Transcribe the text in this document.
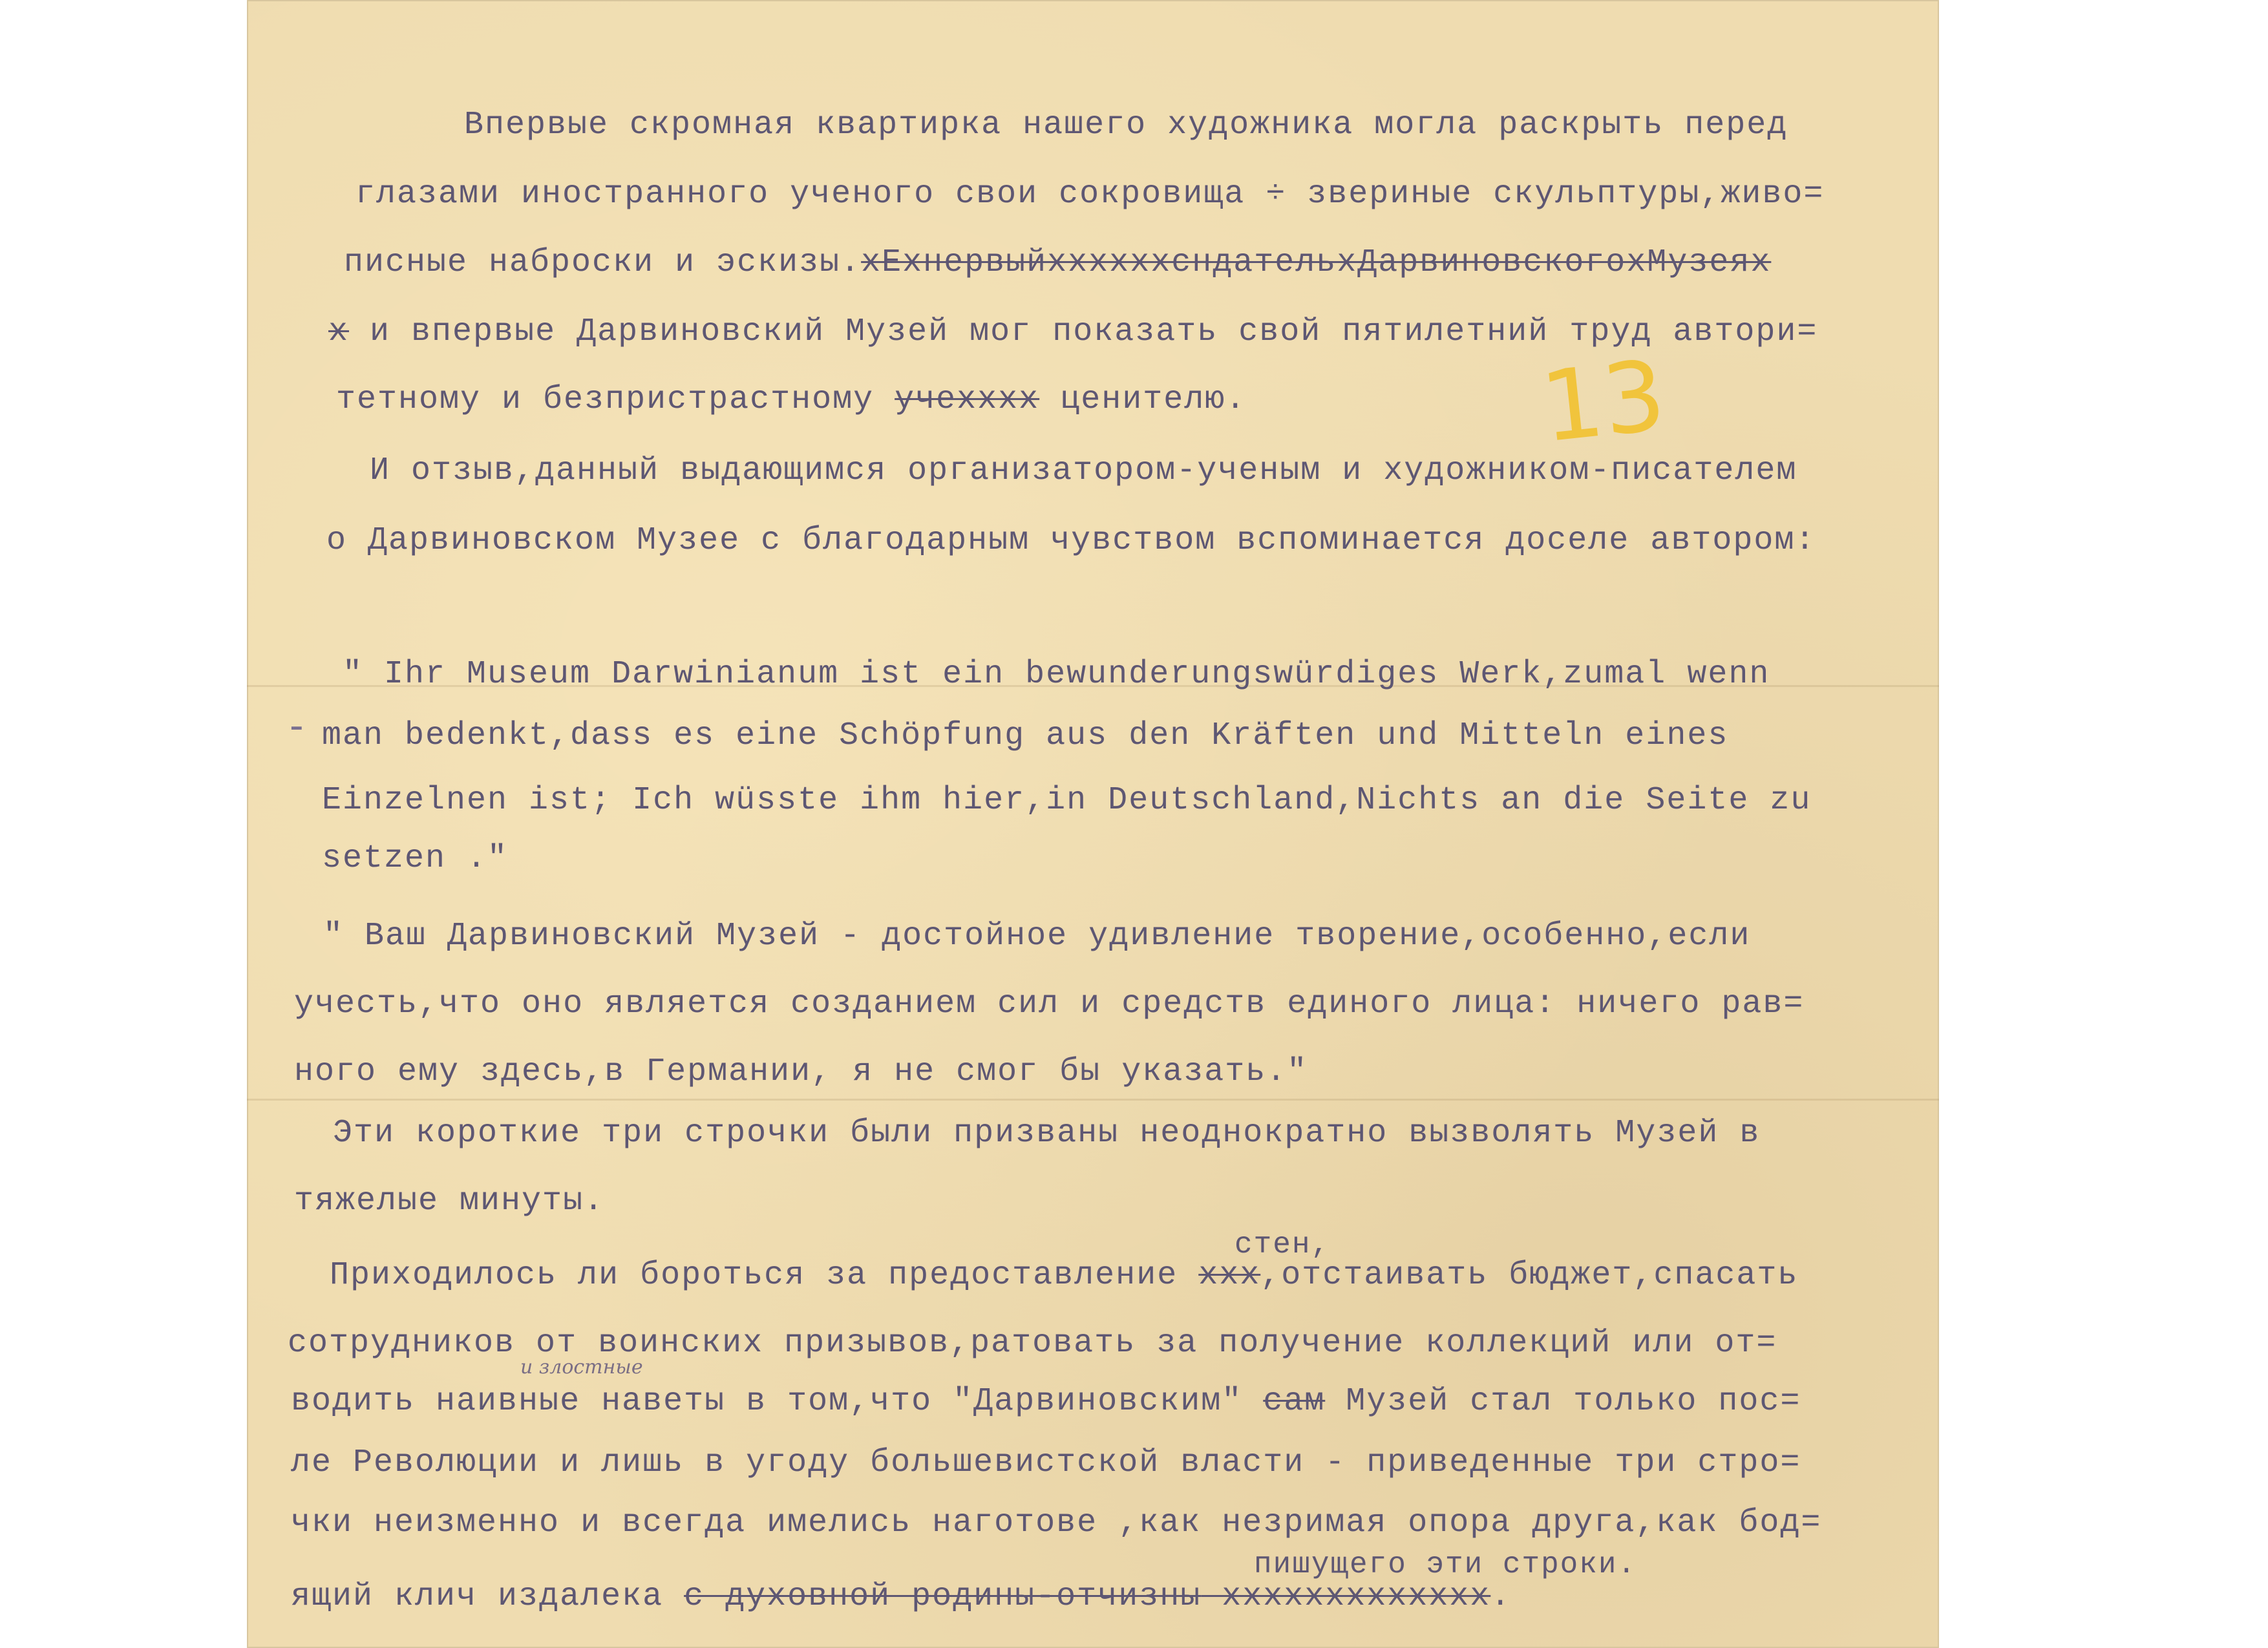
13
Впервые скромная квартирка нашего художника могла раскрыть перед
глазами иностранного ученого свои сокровища ÷ звериные скульптуры,живо=
писные наброски и эскизы.хЕхнервыйххххххсндательхДарвиновскогохМузеях
х и впервые Дарвиновский Музей мог показать свой пятилетний труд автори=
тетному и безпристрастному учехххх ценителю.
И отзыв,данный выдающимся организатором-ученым и художником-писателем
о Дарвиновском Музее с благодарным чувством вспоминается доселе автором:
" Ihr Museum Darwinianum ist ein bewunderungswürdiges Werk,zumal wenn
- man bedenkt,dass es eine Schöpfung aus den Kräften und Mitteln eines
Einzelnen ist; Ich wüsste ihm hier,in Deutschland,Nichts an die Seite zu
setzen ."
" Ваш Дарвиновский Музей - достойное удивление творение,особенно,если
учесть,что оно является созданием сил и средств единого лица: ничего рав=
ного ему здесь,в Германии, я не смог бы указать."
Эти короткие три строчки были призваны неоднократно вызволять Музей в
тяжелые минуты.
стен,
Приходилось ли бороться за предоставление ххх,отстаивать бюджет,спасать
сотрудников от воинских призывов,ратовать за получение коллекций или от=
и злостные
водить наивные наветы в том,что "Дарвиновским" сам Музей стал только пос=
ле Революции и лишь в угоду большевистской власти - приведенные три стро=
чки неизменно и всегда имелись наготове ,как незримая опора друга,как бод=
пишущего эти строки.
ящий клич издалека с духовной родины-отчизны ххххххххххххх.
